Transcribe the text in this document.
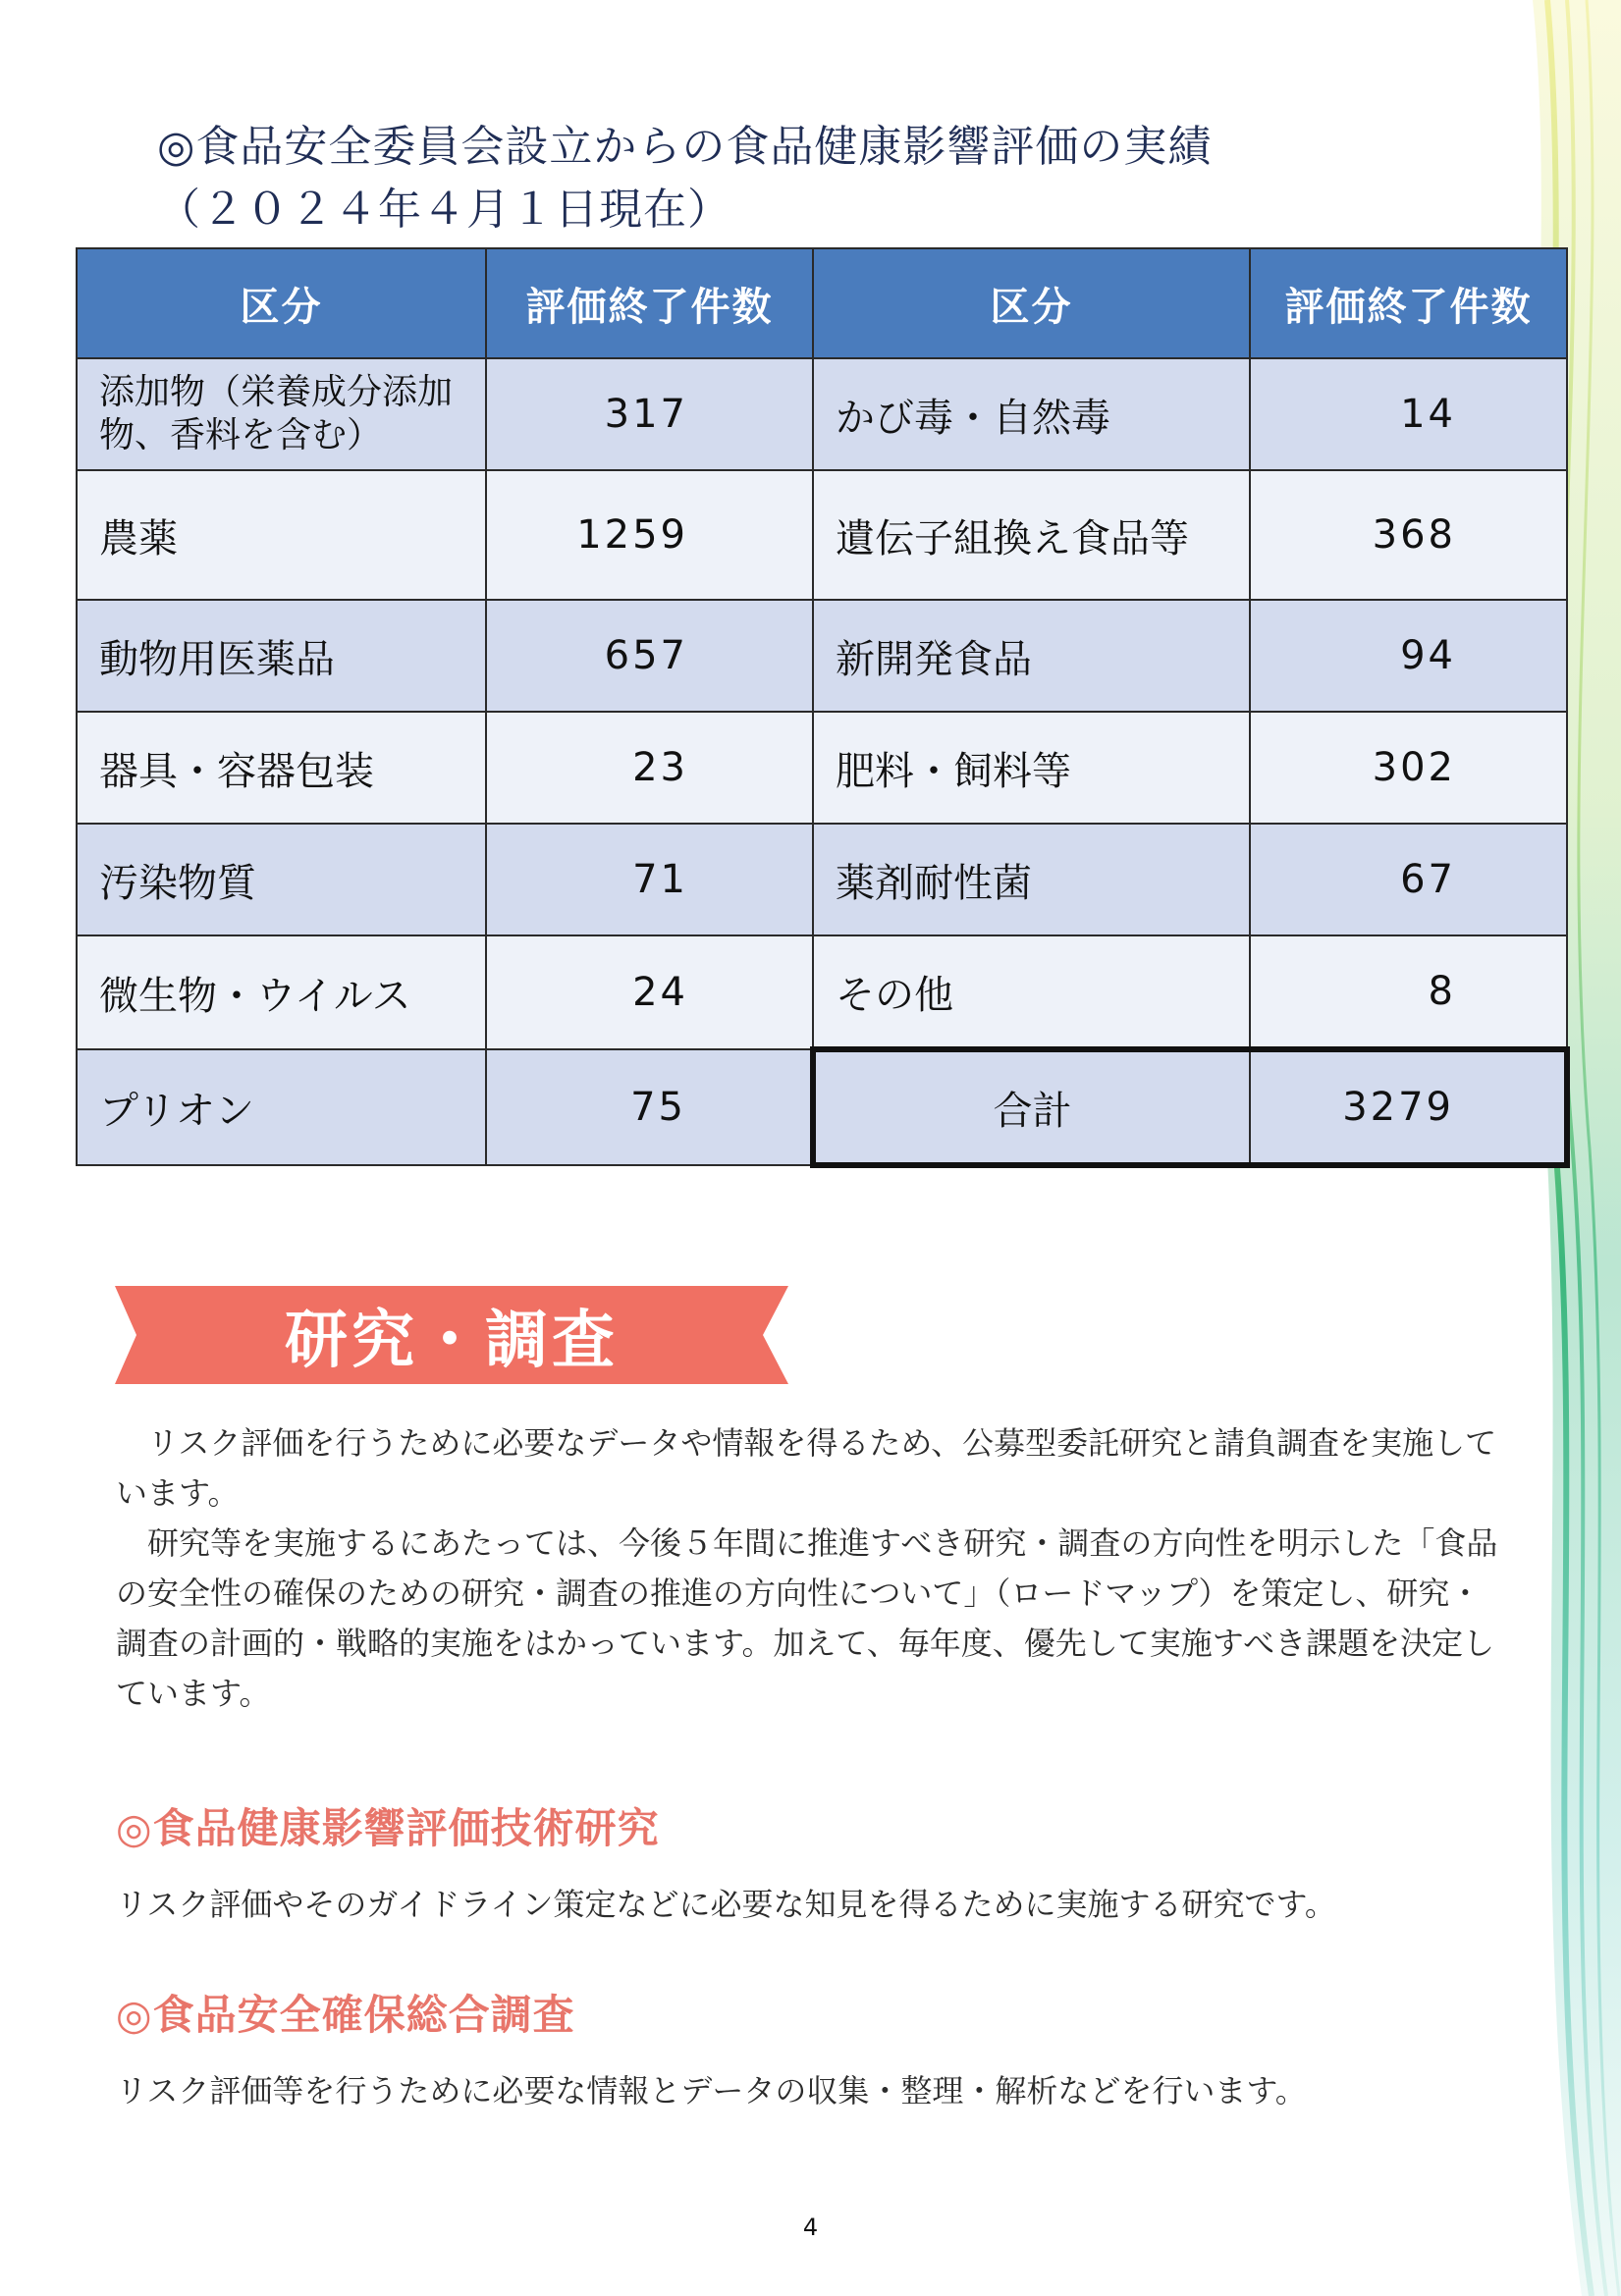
◎食品安全委員会設立からの食品健康影響評価の実績
（２０２４年４月１日現在）
区分	評価終了件数	区分	評価終了件数
添加物（栄養成分添加
物、香料を含む）	317	かび毒・自然毒	14
農薬	1259	遺伝子組換え食品等	368
動物用医薬品	657	新開発食品	94
器具・容器包装	23	肥料・飼料等	302
汚染物質	71	薬剤耐性菌	67
微生物・ウイルス	24	その他	8
プリオン	75	合計	3279
研究・調査

リスク評価を行うために必要なデータや情報を得るため、公募型委託研究と請負調査を実施しています。

研究等を実施するにあたっては、今後５年間に推進すべき研究・調査の方向性を明示した「食品の安全性の確保のための研究・調査の推進の方向性について」（ロードマップ）を策定し、研究・調査の計画的・戦略的実施をはかっています。加えて、毎年度、優先して実施すべき課題を決定しています。

◎食品健康影響評価技術研究
リスク評価やそのガイドライン策定などに必要な知見を得るために実施する研究です。
◎食品安全確保総合調査
リスク評価等を行うために必要な情報とデータの収集・整理・解析などを行います。
4
